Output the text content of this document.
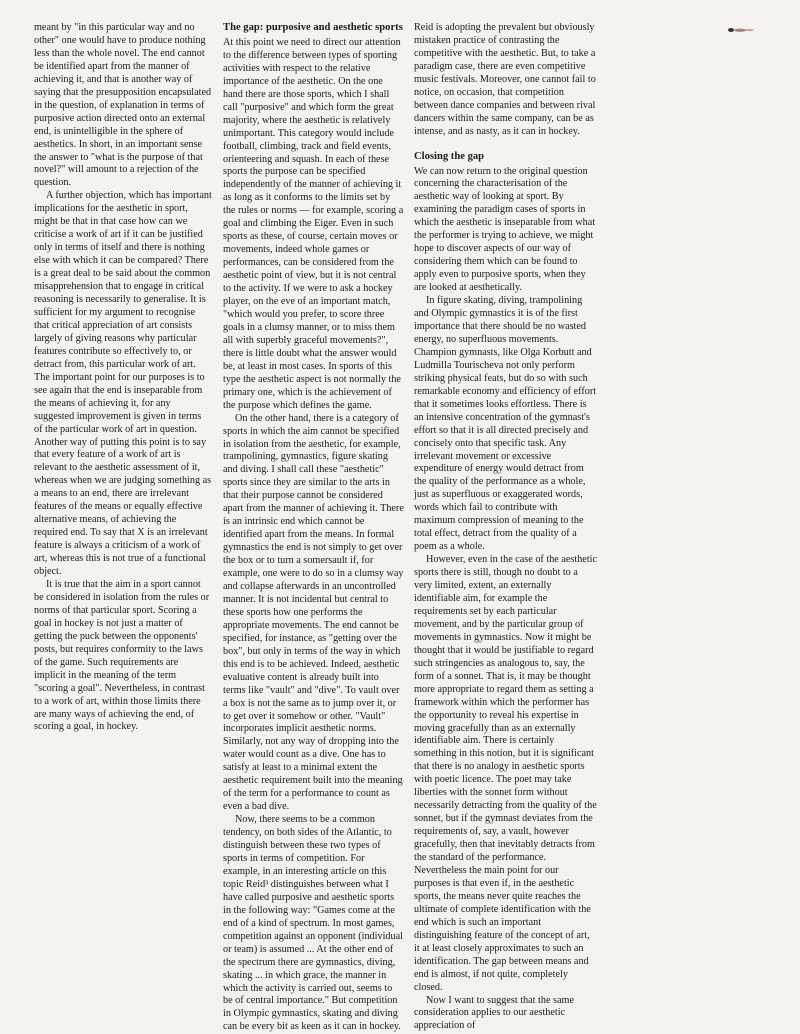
meant by "in this particular way and no other" one would have to produce nothing less than the whole novel. The end cannot be identified apart from the manner of achieving it, and that is another way of saying that the presupposition encapsulated in the question, of explanation in terms of purposive action directed onto an external end, is unintelligible in the sphere of aesthetics. In short, in an important sense the answer to "what is the purpose of that novel?" will amount to a rejection of the question.

A further objection, which has important implications for the aesthetic in sport, might be that in that case how can we criticise a work of art if it can be justified only in terms of itself and there is nothing else with which it can be compared? There is a great deal to be said about the common misapprehension that to engage in critical reasoning is necessarily to generalise. It is sufficient for my argument to recognise that critical appreciation of art consists largely of giving reasons why particular features contribute so effectively to, or detract from, this particular work of art. The important point for our purposes is to see again that the end is inseparable from the means of achieving it, for any suggested improvement is given in terms of the particular work of art in question. Another way of putting this point is to say that every feature of a work of art is relevant to the aesthetic assessment of it, whereas when we are judging something as a means to an end, there are irrelevant features of the means or equally effective alternative means, of achieving the required end. To say that X is an irrelevant feature is always a criticism of a work of art, whereas this is not true of a functional object.

It is true that the aim in a sport cannot be considered in isolation from the rules or norms of that particular sport. Scoring a goal in hockey is not just a matter of getting the puck between the opponents' posts, but requires conformity to the laws of the game. Such requirements are implicit in the meaning of the term "scoring a goal". Nevertheless, in contrast to a work of art, within those limits there are many ways of achieving the end, of scoring a goal, in hockey.

The gap: purposive and aesthetic sports

At this point we need to direct our attention to the difference between types of sporting activities with respect to the relative importance of the aesthetic. On the one hand there are those sports, which I shall call "purposive" and which form the great majority, where the aesthetic is relatively unimportant. This category would include football, climbing, track and field events, orienteering and squash. In each of these sports the purpose can be specified independently of the manner of achieving it as long as it conforms to the limits set by the rules or norms — for example, scoring a goal and climbing the Eiger. Even in such sports as these, of course, certain moves or movements, indeed whole games or performances, can be considered from the aesthetic point of view, but it is not central to the activity. If we were to ask a hockey player, on the eve of an important match, "which would you prefer, to score three goals in a clumsy manner, or to miss them all with superbly graceful movements?", there is little doubt what the answer would be, at least in most cases. In sports of this type the aesthetic aspect is not normally the primary one, which is the achievement of the purpose which defines the game.

On the other hand, there is a category of sports in which the aim cannot be specified in isolation from the aesthetic, for example, trampolining, gymnastics, figure skating and diving. I shall call these "aesthetic" sports since they are similar to the arts in that their purpose cannot be considered apart from the manner of achieving it. There is an intrinsic end which cannot be identified apart from the means. In formal gymnastics the end is not simply to get over the box or to turn a somersault if, for example, one were to do so in a clumsy way and collapse afterwards in an uncontrolled manner. It is not incidental but central to these sports how one performs the appropriate movements. The end cannot be specified, for instance, as "getting over the box", but only in terms of the way in which this end is to be achieved. Indeed, aesthetic evaluative content is already built into terms like "vault" and "dive". To vault over a box is not the same as to jump over it, or to get over it somehow or other. "Vault" incorporates implicit aesthetic norms. Similarly, not any way of dropping into the water would count as a dive. One has to satisfy at least to a minimal extent the aesthetic requirement built into the meaning of the term for a performance to count as even a bad dive.

Now, there seems to be a common tendency, on both sides of the Atlantic, to distinguish between these two types of sports in terms of competition. For example, in an interesting article on this topic Reid³ distinguishes between what I have called purposive and aesthetic sports in the following way: "Games come at the end of a kind of spectrum. In most games, competition against an opponent (individual or team) is assumed ... At the other end of the spectrum there are gymnastics, diving, skating ... in which grace, the manner in which the activity is carried out, seems to be of central importance." But competition in Olympic gymnastics, skating and diving can be every bit as keen as it can in hockey.

Reid is adopting the prevalent but obviously mistaken practice of contrasting the competitive with the aesthetic. But, to take a paradigm case, there are even competitive music festivals. Moreover, one cannot fail to notice, on occasion, that competition between dance companies and between rival dancers within the same company, can be as intense, and as nasty, as it can in hockey.

Closing the gap

We can now return to the original question concerning the characterisation of the aesthetic way of looking at sport. By examining the paradigm cases of sports in which the aesthetic is inseparable from what the performer is trying to achieve, we might hope to discover aspects of our way of considering them which can be found to apply even to purposive sports, when they are looked at aesthetically.

In figure skating, diving, trampolining and Olympic gymnastics it is of the first importance that there should be no wasted energy, no superfluous movements. Champion gymnasts, like Olga Korbutt and Ludmilla Tourischeva not only perform striking physical feats, but do so with such remarkable economy and efficiency of effort that it sometimes looks effortless. There is an intensive concentration of the gymnast's effort so that it is all directed precisely and concisely onto that specific task. Any irrelevant movement or excessive expenditure of energy would detract from the quality of the performance as a whole, just as superfluous or exaggerated words, words which fail to contribute with maximum compression of meaning to the total effect, detract from the quality of a poem as a whole.

However, even in the case of the aesthetic sports there is still, though no doubt to a very limited, extent, an externally identifiable aim, for example the requirements set by each particular movement, and by the particular group of movements in gymnastics. Now it might be thought that it would be justifiable to regard such stringencies as analogous to, say, the form of a sonnet. That is, it may be thought more appropriate to regard them as setting a framework within which the performer has the opportunity to reveal his expertise in moving gracefully than as an externally identifiable aim. There is certainly something in this notion, but it is significant that there is no analogy in aesthetic sports with poetic licence. The poet may take liberties with the sonnet form without necessarily detracting from the quality of the sonnet, but if the gymnast deviates from the requirements of, say, a vault, however gracefully, then that inevitably detracts from the standard of the performance. Nevertheless the main point for our purposes is that even if, in the aesthetic sports, the means never quite reaches the ultimate of complete identification with the end which is such an important distinguishing feature of the concept of art, it at least closely approximates to such an identification. The gap between means and end is almost, if not quite, completely closed.

Now I want to suggest that the same consideration applies to our aesthetic appreciation of
